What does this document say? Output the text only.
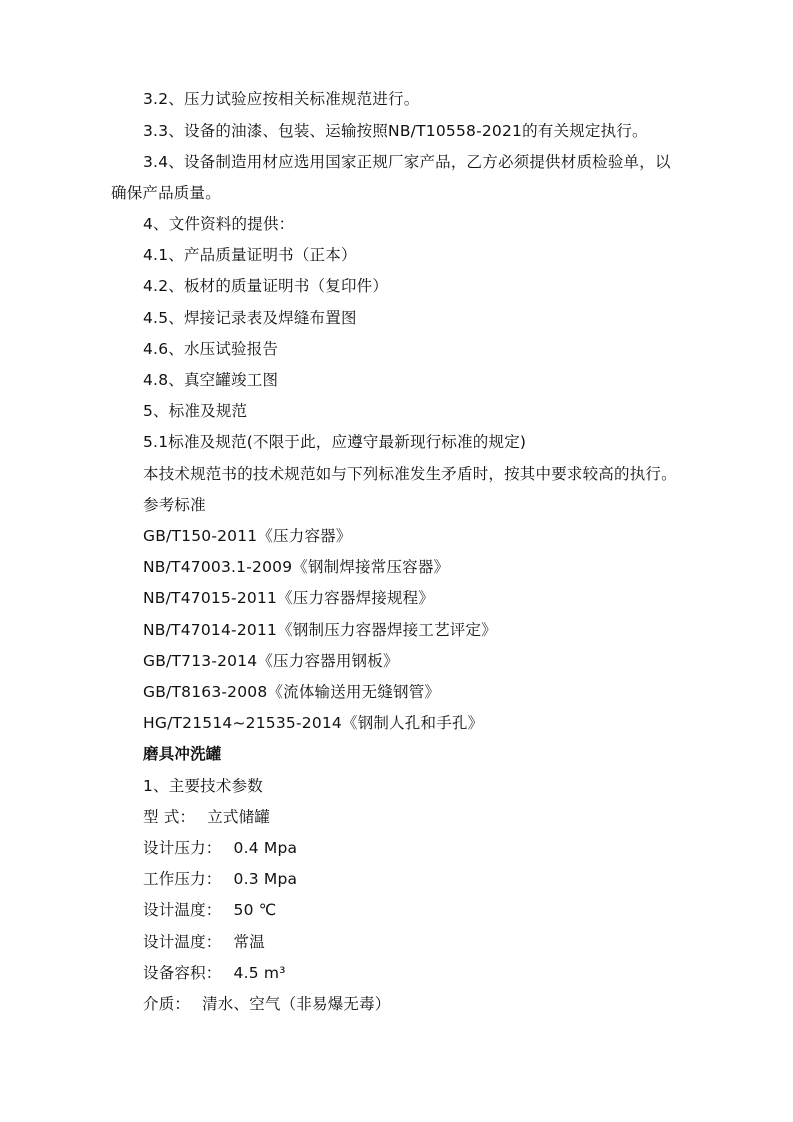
3.2、压力试验应按相关标准规范进行。
3.3、设备的油漆、包装、运输按照NB/T10558-2021的有关规定执行。
3.4、设备制造用材应选用国家正规厂家产品，乙方必须提供材质检验单，以
确保产品质量。
4、文件资料的提供：
4.1、产品质量证明书（正本）
4.2、板材的质量证明书（复印件）
4.5、焊接记录表及焊缝布置图
4.6、水压试验报告
4.8、真空罐竣工图
5、标准及规范
5.1标准及规范(不限于此，应遵守最新现行标准的规定)
本技术规范书的技术规范如与下列标准发生矛盾时，按其中要求较高的执行。
参考标准
GB/T150-2011《压力容器》
NB/T47003.1-2009《钢制焊接常压容器》
NB/T47015-2011《压力容器焊接规程》
NB/T47014-2011《钢制压力容器焊接工艺评定》
GB/T713-2014《压力容器用钢板》
GB/T8163-2008《流体输送用无缝钢管》
HG/T21514~21535-2014《钢制人孔和手孔》
磨具冲洗罐
1、主要技术参数
型 式： 立式储罐
设计压力： 0.4 Mpa
工作压力： 0.3 Mpa
设计温度： 50 ℃
设计温度： 常温
设备容积： 4.5 m³
介质： 清水、空气（非易爆无毒）
